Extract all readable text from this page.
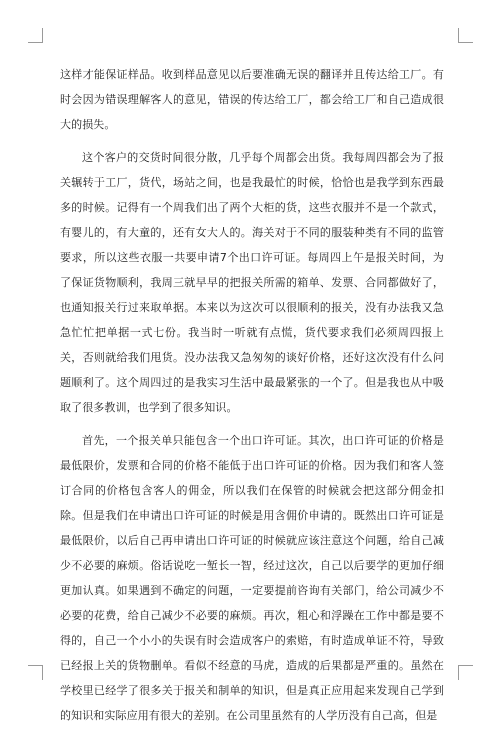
这样才能保证样品。收到样品意见以后要准确无误的翻译并且传达给工厂。有时会因为错误理解客人的意见，错误的传达给工厂，都会给工厂和自己造成很大的损失。

这个客户的交货时间很分散，几乎每个周都会出货。我每周四都会为了报关辗转于工厂，货代，场站之间，也是我最忙的时候，恰恰也是我学到东西最多的时候。记得有一个周我们出了两个大柜的货，这些衣服并不是一个款式，有婴儿的，有大童的，还有女大人的。海关对于不同的服装种类有不同的监管要求，所以这些衣服一共要申请7个出口许可证。每周四上午是报关时间，为了保证货物顺利，我周三就早早的把报关所需的箱单、发票、合同都做好了，也通知报关行过来取单据。本来以为这次可以很顺利的报关，没有办法我又急急忙忙把单据一式七份。我当时一听就有点慌，货代要求我们必须周四报上关，否则就给我们甩货。没办法我又急匆匆的谈好价格，还好这次没有什么问题顺利了。这个周四过的是我实习生活中最最紧张的一个了。但是我也从中吸取了很多教训，也学到了很多知识。

首先，一个报关单只能包含一个出口许可证。其次，出口许可证的价格是最低限价，发票和合同的价格不能低于出口许可证的价格。因为我们和客人签订合同的价格包含客人的佣金，所以我们在保管的时候就会把这部分佣金扣除。但是我们在申请出口许可证的时候是用含佣价申请的。既然出口许可证是最低限价，以后自己再申请出口许可证的时候就应该注意这个问题，给自己减少不必要的麻烦。俗话说吃一堑长一智，经过这次，自己以后要学的更加仔细更加认真。如果遇到不确定的问题，一定要提前咨询有关部门，给公司减少不必要的花费，给自己减少不必要的麻烦。再次，粗心和浮躁在工作中都是要不得的，自己一个小小的失误有时会造成客户的索赔，有时造成单证不符，导致已经报上关的货物删单。看似不经意的马虎，造成的后果都是严重的。虽然在学校里已经学了很多关于报关和制单的知识，但是真正应用起来发现自己学到的知识和实际应用有很大的差别。在公司里虽然有的人学历没有自己高，但是
